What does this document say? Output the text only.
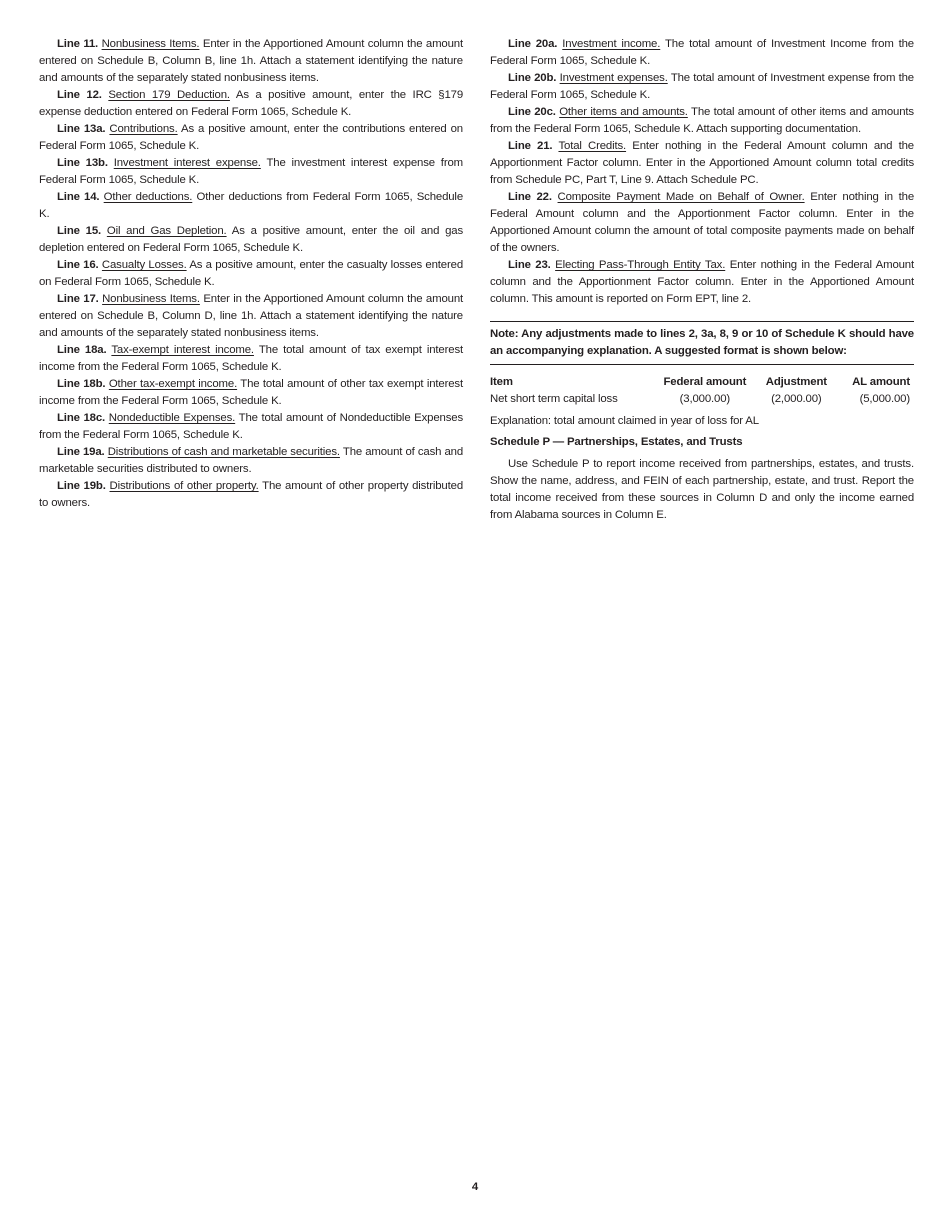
Line 11. Nonbusiness Items. Enter in the Apportioned Amount column the amount entered on Schedule B, Column B, line 1h. Attach a statement identifying the nature and amounts of the separately stated nonbusiness items.

Line 12. Section 179 Deduction. As a positive amount, enter the IRC §179 expense deduction entered on Federal Form 1065, Schedule K.

Line 13a. Contributions. As a positive amount, enter the contributions entered on Federal Form 1065, Schedule K.

Line 13b. Investment interest expense. The investment interest expense from Federal Form 1065, Schedule K.

Line 14. Other deductions. Other deductions from Federal Form 1065, Schedule K.

Line 15. Oil and Gas Depletion. As a positive amount, enter the oil and gas depletion entered on Federal Form 1065, Schedule K.

Line 16. Casualty Losses. As a positive amount, enter the casualty losses entered on Federal Form 1065, Schedule K.

Line 17. Nonbusiness Items. Enter in the Apportioned Amount column the amount entered on Schedule B, Column D, line 1h. Attach a statement identifying the nature and amounts of the separately stated nonbusiness items.

Line 18a. Tax-exempt interest income. The total amount of tax exempt interest income from the Federal Form 1065, Schedule K.

Line 18b. Other tax-exempt income. The total amount of other tax exempt interest income from the Federal Form 1065, Schedule K.

Line 18c. Nondeductible Expenses. The total amount of Nondeductible Expenses from the Federal Form 1065, Schedule K.

Line 19a. Distributions of cash and marketable securities. The amount of cash and marketable securities distributed to owners.

Line 19b. Distributions of other property. The amount of other property distributed to owners.

Line 20a. Investment income. The total amount of Investment Income from the Federal Form 1065, Schedule K.

Line 20b. Investment expenses. The total amount of Investment expense from the Federal Form 1065, Schedule K.

Line 20c. Other items and amounts. The total amount of other items and amounts from the Federal Form 1065, Schedule K. Attach supporting documentation.

Line 21. Total Credits. Enter nothing in the Federal Amount column and the Apportionment Factor column. Enter in the Apportioned Amount column total credits from Schedule PC, Part T, Line 9. Attach Schedule PC.

Line 22. Composite Payment Made on Behalf of Owner. Enter nothing in the Federal Amount column and the Apportionment Factor column. Enter in the Apportioned Amount column the amount of total composite payments made on behalf of the owners.

Line 23. Electing Pass-Through Entity Tax. Enter nothing in the Federal Amount column and the Apportionment Factor column. Enter in the Apportioned Amount column. This amount is reported on Form EPT, line 2.

Note: Any adjustments made to lines 2, 3a, 8, 9 or 10 of Schedule K should have an accompanying explanation. A suggested format is shown below:
Item	Federal amount	Adjustment	AL amount
Net short term capital loss	(3,000.00)	(2,000.00)	(5,000.00)
Explanation: total amount claimed in year of loss for AL
Schedule P — Partnerships, Estates, and Trusts

Use Schedule P to report income received from partnerships, estates, and trusts. Show the name, address, and FEIN of each partnership, estate, and trust. Report the total income received from these sources in Column D and only the income earned from Alabama sources in Column E.

4
